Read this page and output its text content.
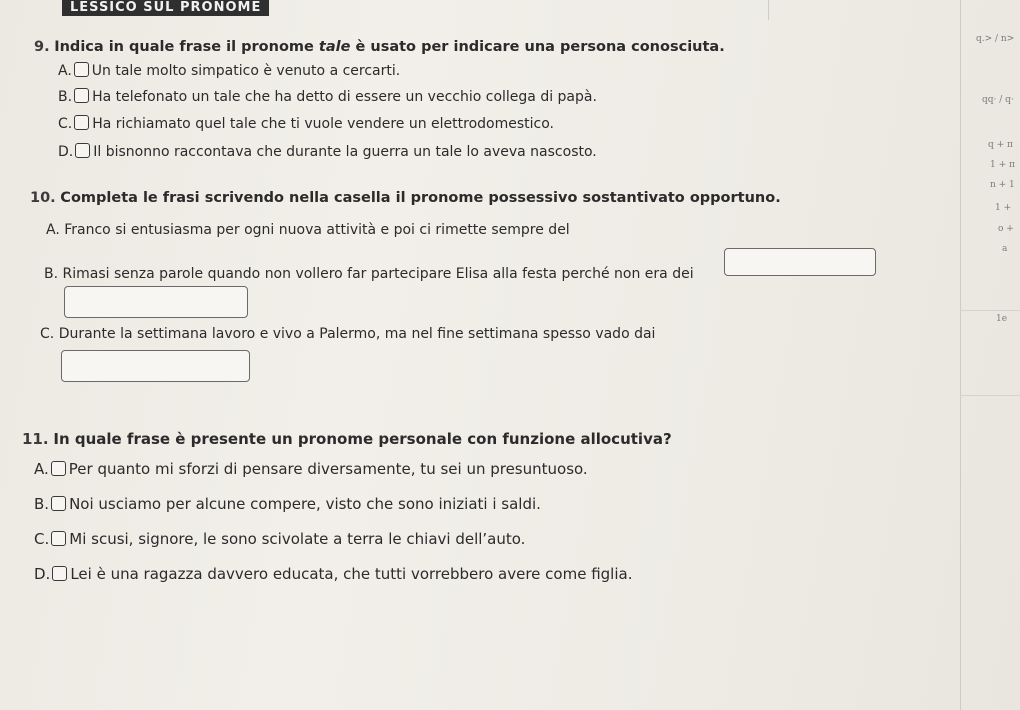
LESSICO SUL PRONOME
9. Indica in quale frase il pronome tale è usato per indicare una persona conosciuta.
A. Un tale molto simpatico è venuto a cercarti.
B. Ha telefonato un tale che ha detto di essere un vecchio collega di papà.
C. Ha richiamato quel tale che ti vuole vendere un elettrodomestico.
D. Il bisnonno raccontava che durante la guerra un tale lo aveva nascosto.
10. Completa le frasi scrivendo nella casella il pronome possessivo sostantivato opportuno.
A. Franco si entusiasma per ogni nuova attività e poi ci rimette sempre del
B. Rimasi senza parole quando non vollero far partecipare Elisa alla festa perché non era dei
C. Durante la settimana lavoro e vivo a Palermo, ma nel fine settimana spesso vado dai
11. In quale frase è presente un pronome personale con funzione allocutiva?
A. Per quanto mi sforzi di pensare diversamente, tu sei un presuntuoso.
B. Noi usciamo per alcune compere, visto che sono iniziati i saldi.
C. Mi scusi, signore, le sono scivolate a terra le chiavi dell’auto.
D. Lei è una ragazza davvero educata, che tutti vorrebbero avere come figlia.
q.> / n>
qq· / q·
q + π
1 + π
n + 1
1 +
o +
a
1e
